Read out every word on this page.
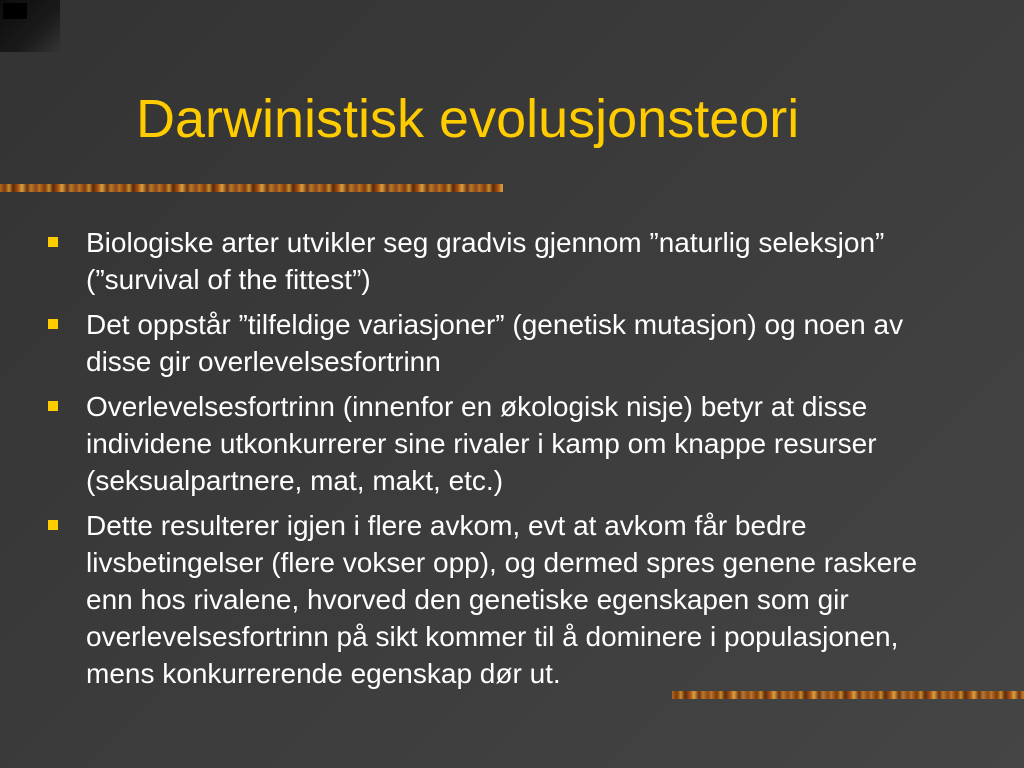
Darwinistisk evolusjonsteori
Biologiske arter utvikler seg gradvis gjennom ”naturlig seleksjon” (”survival of the fittest”)
Det oppstår ”tilfeldige variasjoner” (genetisk mutasjon) og noen av disse gir overlevelsesfortrinn
Overlevelsesfortrinn (innenfor en økologisk nisje) betyr at disse individene utkonkurrerer sine rivaler i kamp om knappe resurser (seksualpartnere, mat, makt, etc.)
Dette resulterer igjen i flere avkom, evt at avkom får bedre livsbetingelser (flere vokser opp), og dermed spres genene raskere enn hos rivalene, hvorved den genetiske egenskapen som gir overlevelsesfortrinn på sikt kommer til å dominere i populasjonen, mens konkurrerende egenskap dør ut.
